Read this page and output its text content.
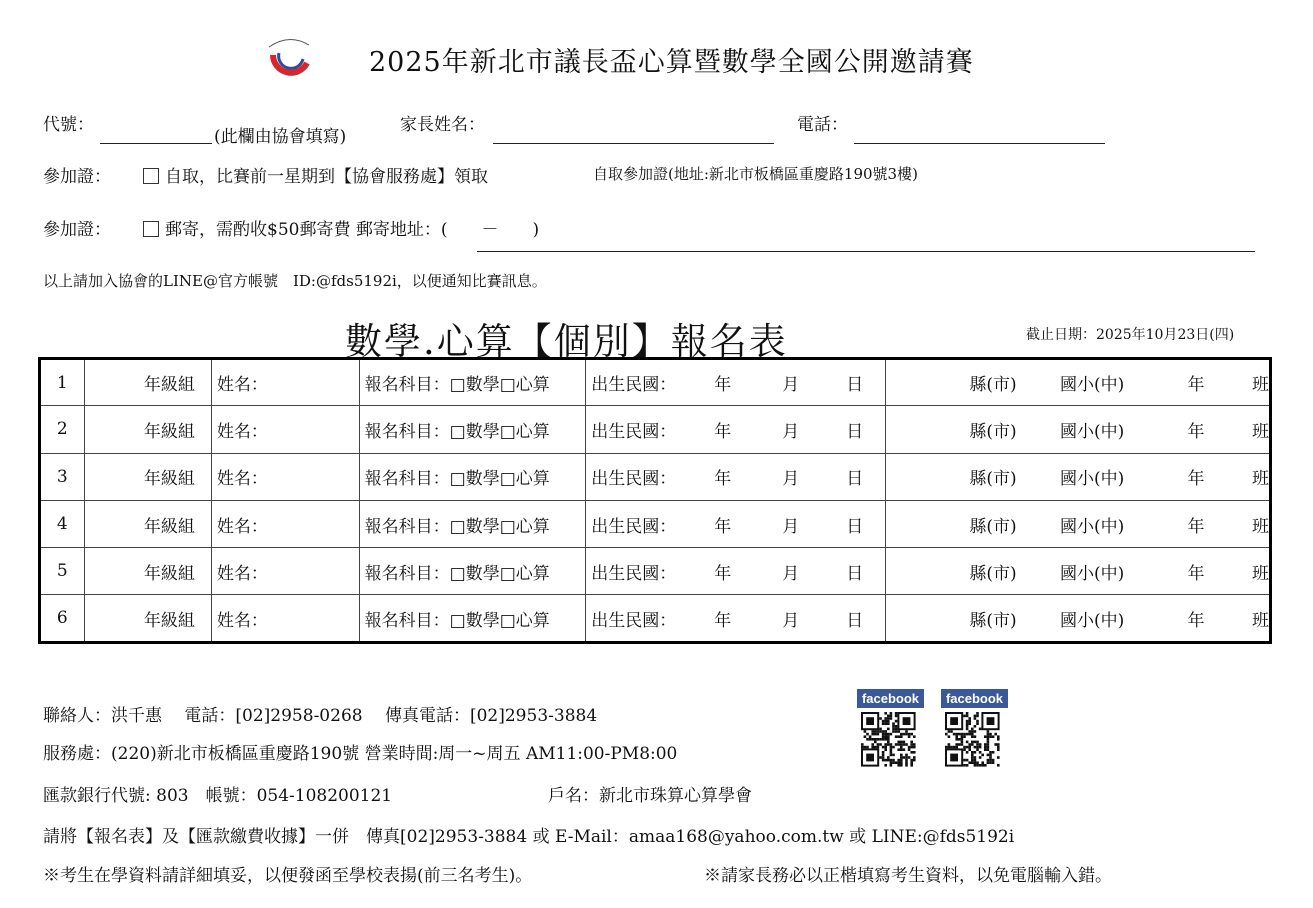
2025年新北市議長盃心算暨數學全國公開邀請賽
代號：
(此欄由協會填寫)
家長姓名：	電話：
參加證：	自取，比賽前一星期到【協會服務處】領取	自取參加證(地址:新北市板橋區重慶路190號3樓)
參加證：	郵寄，需酌收$50郵寄費 郵寄地址：(　　－　　)
以上請加入協會的LINE@官方帳號　ID:@fds5192i，以便通知比賽訊息。
數學.心算【個別】報名表	截止日期：2025年10月23日(四)
1	年級組	姓名：	報名科目：□數學□心算	出生民國： 年 月 日	縣(市) 國小(中) 年 班

2	年級組	姓名：	報名科目：□數學□心算	出生民國： 年 月 日	縣(市) 國小(中) 年 班

3	年級組	姓名：	報名科目：□數學□心算	出生民國： 年 月 日	縣(市) 國小(中) 年 班

4	年級組	姓名：	報名科目：□數學□心算	出生民國： 年 月 日	縣(市) 國小(中) 年 班

5	年級組	姓名：	報名科目：□數學□心算	出生民國： 年 月 日	縣(市) 國小(中) 年 班

6	年級組	姓名：	報名科目：□數學□心算	出生民國： 年 月 日	縣(市) 國小(中) 年 班
聯絡人：洪千惠　 電話：[02]2958-0268　 傳真電話：[02]2953-3884
服務處：(220)新北市板橋區重慶路190號 營業時間:周一~周五 AM11:00-PM8:00
匯款銀行代號: 803　帳號：054-108200121	戶名：新北市珠算心算學會
請將【報名表】及【匯款繳費收據】一併　傳真[02]2953-3884 或 E-Mail：amaa168@yahoo.com.tw 或 LINE:@fds5192i
※考生在學資料請詳細填妥，以便發函至學校表揚(前三名考生)。	※請家長務必以正楷填寫考生資料，以免電腦輸入錯。
facebook	facebook
